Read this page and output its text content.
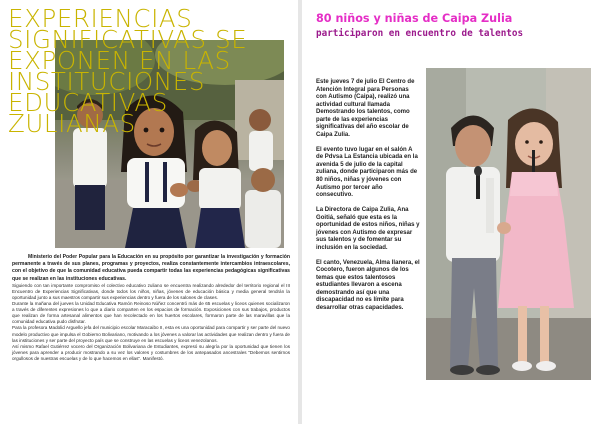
EXPERIENCIAS SIGNIFICATIVAS SE EXPONEN EN LAS INSTITUCIONES EDUCATIVAS ZULIANAS

Ministerio del Poder Popular para la Educación en su propósito por garantizar la investigación y formación permanente a través de sus planes, programas y proyectos, realiza constantemente intercambios intraescolares, con el objetivo de que la comunidad educativa pueda compartir todas las experiencias pedagógicas significativas que se realizan en las instituciones educativas.

Siguiendo con tan importante compromiso el colectivo educativo zuliano se encuentra realizando alrededor del territorio regional el III Encuentro de Experiencias Significativas, donde todos los niños, niñas, jóvenes de educación básica y media general tendrán la oportunidad junto a sus maestros compartir sus experiencias dentro y fuera de los salones de clases.

Durante la mañana del jueves la Unidad Educativa Ramón Reinoso Núñez concentró más de 65 escuelas y liceos quienes socializaron a través de diferentes expresiones lo que a diario comparten en los espacios de formación. Exposiciones con sus trabajos, productos que realizan de forma artesanal alimentos que han recolectado en los huertos escolares, formaron parte de las maravillas que la comunidad educativa pudo disfrutar.

Para la profesora Madolid Arguello jefa del municipio escolar Maracaibo II, esta es una oportunidad para compartir y ser parte del nuevo modelo productivo que impulsa el Gobierno Bolivariano, motivando a los jóvenes a valorar las actividades que realizan dentro y fuera de las instituciones y ser parte del proyecto país que se construye en las escuelas y liceos venezolanos.

Así mismo Rafael Gutiérrez vocero del Organización Bolivariana de Estudiantes, expresó su alegría por la oportunidad que tienen los jóvenes para aprender a producir mostrando a su vez los valores y costumbres de los antepasados ancestrales "Debemos sentirnos orgullosos de nuestras escuelas y de lo que hacemos en ellas". Manifestó.

80 niños y niñas de Caipa Zulia
participaron en encuentro de talentos

Este jueves 7 de julio El Centro de Atención Integral para Personas con Autismo (Caipa), realizó una actividad cultural llamada Demostrando los talentos, como parte de las experiencias significativas del año escolar de Caipa Zulia.

El evento tuvo lugar en el salón A de Pdvsa La Estancia ubicada en la avenida 5 de julio de la capital zuliana, donde participaron más de 80 niños, niñas y jóvenes con Autismo por tercer año consecutivo.

La Directora de Caipa Zulia, Ana Goitiá, señaló que esta es la oportunidad de estos niños, niñas y jóvenes con Autismo de expresar sus talentos y de fomentar su inclusión en la sociedad.

El canto, Venezuela, Alma llanera, el Cocotero, fueron algunos de los temas que estos talentosos estudiantes llevaron a escena demostrando así que una discapacidad no es límite para desarrollar otras capacidades.
